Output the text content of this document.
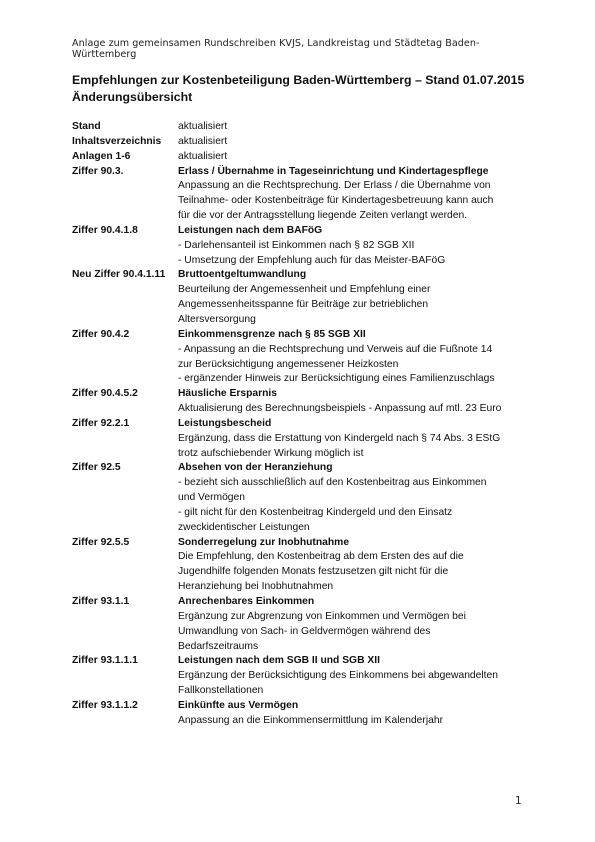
Anlage zum gemeinsamen Rundschreiben KVJS, Landkreistag und Städtetag Baden-Württemberg
Empfehlungen zur Kostenbeteiligung Baden-Württemberg – Stand 01.07.2015
Änderungsübersicht
Stand	aktualisiert
Inhaltsverzeichnis	aktualisiert
Anlagen 1-6	aktualisiert
Ziffer 90.3.	Erlass / Übernahme in Tageseinrichtung und Kindertagespflege
Anpassung an die Rechtsprechung. Der Erlass / die Übernahme von
Teilnahme- oder Kostenbeiträge für Kindertagesbetreuung kann auch
für die vor der Antragsstellung liegende Zeiten verlangt werden.
Ziffer 90.4.1.8	Leistungen nach dem BAFöG
- Darlehensanteil ist Einkommen nach § 82 SGB XII
- Umsetzung der Empfehlung auch für das Meister-BAFöG
Neu Ziffer 90.4.1.11	Bruttoentgeltumwandlung
Beurteilung der Angemessenheit und Empfehlung einer
Angemessenheitsspanne für Beiträge zur betrieblichen
Altersversorgung
Ziffer 90.4.2	Einkommensgrenze nach § 85 SGB XII
- Anpassung an die Rechtsprechung und Verweis auf die Fußnote 14
zur Berücksichtigung angemessener Heizkosten
- ergänzender Hinweis zur Berücksichtigung eines Familienzuschlags
Ziffer 90.4.5.2	Häusliche Ersparnis
Aktualisierung des Berechnungsbeispiels - Anpassung auf mtl. 23 Euro
Ziffer 92.2.1	Leistungsbescheid
Ergänzung, dass die Erstattung von Kindergeld nach § 74 Abs. 3 EStG
trotz aufschiebender Wirkung möglich ist
Ziffer 92.5	Absehen von der Heranziehung
- bezieht sich ausschließlich auf den Kostenbeitrag aus Einkommen
und Vermögen
- gilt nicht für den Kostenbeitrag Kindergeld und den Einsatz
zweckidentischer Leistungen
Ziffer 92.5.5	Sonderregelung zur Inobhutnahme
Die Empfehlung, den Kostenbeitrag ab dem Ersten des auf die
Jugendhilfe folgenden Monats festzusetzen gilt nicht für die
Heranziehung bei Inobhutnahmen
Ziffer 93.1.1	Anrechenbares Einkommen
Ergänzung zur Abgrenzung von Einkommen und Vermögen bei
Umwandlung von Sach- in Geldvermögen während des
Bedarfszeitraums
Ziffer 93.1.1.1	Leistungen nach dem SGB II und SGB XII
Ergänzung der Berücksichtigung des Einkommens bei abgewandelten
Fallkonstellationen
Ziffer 93.1.1.2	Einkünfte aus Vermögen
Anpassung an die Einkommensermittlung im Kalenderjahr
1
